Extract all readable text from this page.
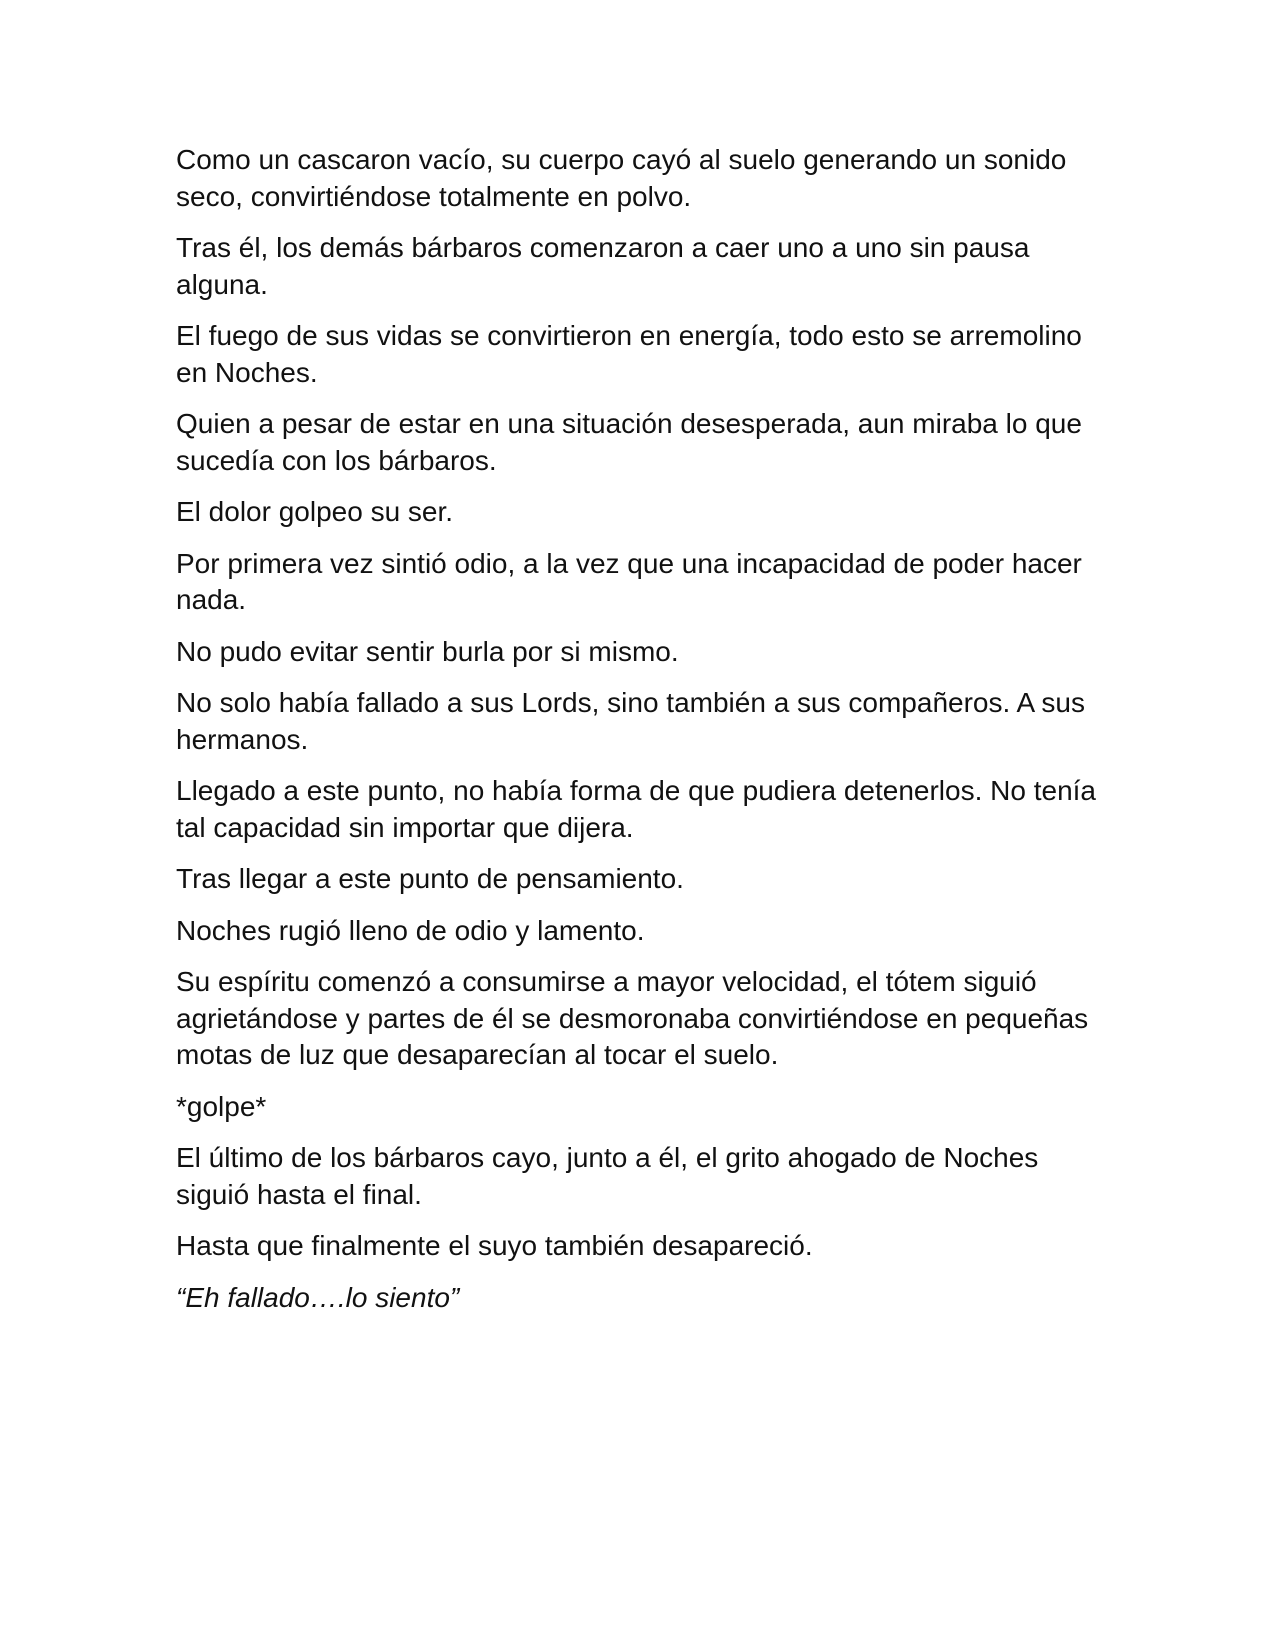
Como un cascaron vacío, su cuerpo cayó al suelo generando un sonido seco, convirtiéndose totalmente en polvo.

Tras él, los demás bárbaros comenzaron a caer uno a uno sin pausa alguna.

El fuego de sus vidas se convirtieron en energía, todo esto se arremolino en Noches.

Quien a pesar de estar en una situación desesperada, aun miraba lo que sucedía con los bárbaros.

El dolor golpeo su ser.

Por primera vez sintió odio, a la vez que una incapacidad de poder hacer nada.

No pudo evitar sentir burla por si mismo.

No solo había fallado a sus Lords, sino también a sus compañeros. A sus hermanos.

Llegado a este punto, no había forma de que pudiera detenerlos. No tenía tal capacidad sin importar que dijera.

Tras llegar a este punto de pensamiento.

Noches rugió lleno de odio y lamento.

Su espíritu comenzó a consumirse a mayor velocidad, el tótem siguió agrietándose y partes de él se desmoronaba convirtiéndose en pequeñas motas de luz que desaparecían al tocar el suelo.

*golpe*

El último de los bárbaros cayo, junto a él, el grito ahogado de Noches siguió hasta el final.

Hasta que finalmente el suyo también desapareció.

“Eh fallado….lo siento”
